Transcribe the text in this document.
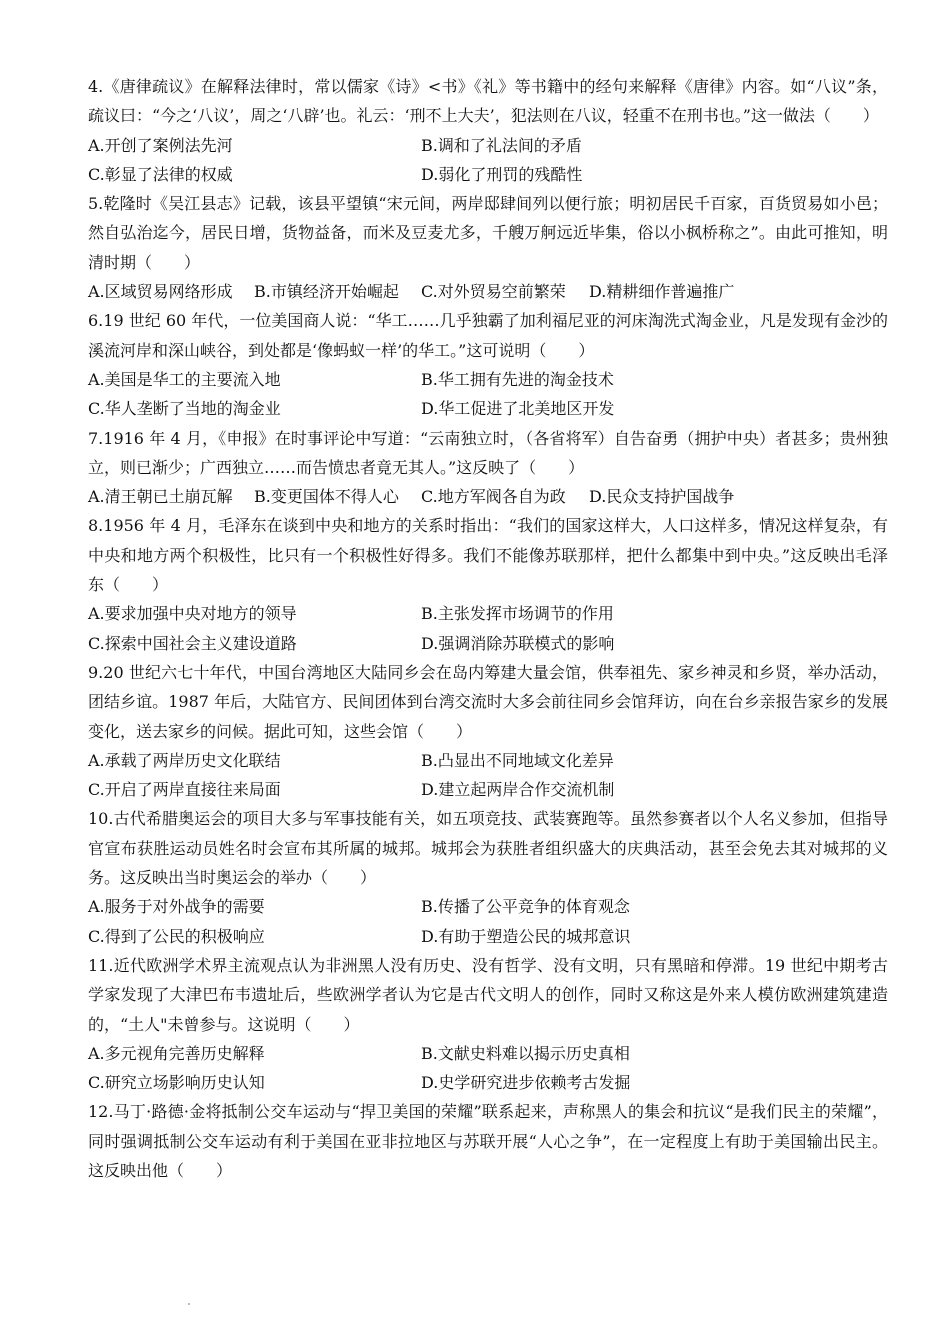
4.《唐律疏议》在解释法律时，常以儒家《诗》<书》《礼》等书籍中的经句来解释《唐律》内容。如“八议”条，疏议曰：“今之‘八议’，周之‘八辟’也。礼云：‘刑不上大夫’，犯法则在八议，轻重不在刑书也。”这一做法（　　）

A.开创了案例法先河	B.调和了礼法间的矛盾
C.彰显了法律的权威	D.弱化了刑罚的残酷性

5.乾隆时《吴江县志》记载，该县平望镇“宋元间，两岸邸肆间列以便行旅；明初居民千百家，百货贸易如小邑；然自弘治迄今，居民日增，货物益备，而米及豆麦尤多，千艘万舸远近毕集，俗以小枫桥称之”。由此可推知，明清时期（　　）

A.区域贸易网络形成	B.市镇经济开始崛起	C.对外贸易空前繁荣	D.精耕细作普遍推广

6.19 世纪 60 年代，一位美国商人说：“华工……几乎独霸了加利福尼亚的河床淘洗式淘金业，凡是发现有金沙的溪流河岸和深山峡谷，到处都是‘像蚂蚁一样’的华工。”这可说明（　　）

A.美国是华工的主要流入地	B.华工拥有先进的淘金技术
C.华人垄断了当地的淘金业	D.华工促进了北美地区开发

7.1916 年 4 月，《申报》在时事评论中写道：“云南独立时，（各省将军）自告奋勇（拥护中央）者甚多；贵州独立，则已渐少；广西独立……而告愤忠者竟无其人。”这反映了（　　）

A.清王朝已土崩瓦解	B.变更国体不得人心	C.地方军阀各自为政	D.民众支持护国战争

8.1956 年 4 月，毛泽东在谈到中央和地方的关系时指出：“我们的国家这样大，人口这样多，情况这样复杂，有中央和地方两个积极性，比只有一个积极性好得多。我们不能像苏联那样，把什么都集中到中央。”这反映出毛泽东（　　）

A.要求加强中央对地方的领导	B.主张发挥市场调节的作用
C.探索中国社会主义建设道路	D.强调消除苏联模式的影响

9.20 世纪六七十年代，中国台湾地区大陆同乡会在岛内筹建大量会馆，供奉祖先、家乡神灵和乡贤，举办活动，团结乡谊。1987 年后，大陆官方、民间团体到台湾交流时大多会前往同乡会馆拜访，向在台乡亲报告家乡的发展变化，送去家乡的问候。据此可知，这些会馆（　　）

A.承载了两岸历史文化联结	B.凸显出不同地域文化差异
C.开启了两岸直接往来局面	D.建立起两岸合作交流机制

10.古代希腊奥运会的项目大多与军事技能有关，如五项竞技、武装赛跑等。虽然参赛者以个人名义参加，但指导官宣布获胜运动员姓名时会宣布其所属的城邦。城邦会为获胜者组织盛大的庆典活动，甚至会免去其对城邦的义务。这反映出当时奥运会的举办（　　）

A.服务于对外战争的需要	B.传播了公平竞争的体育观念
C.得到了公民的积极响应	D.有助于塑造公民的城邦意识

11.近代欧洲学术界主流观点认为非洲黑人没有历史、没有哲学、没有文明，只有黑暗和停滞。19 世纪中期考古学家发现了大津巴布韦遗址后，些欧洲学者认为它是古代文明人的创作，同时又称这是外来人模仿欧洲建筑建造的，“土人"未曾参与。这说明（　　）

A.多元视角完善历史解释	B.文献史料难以揭示历史真相
C.研究立场影响历史认知	D.史学研究进步依赖考古发掘

12.马丁·路德·金将抵制公交车运动与“捍卫美国的荣耀”联系起来，声称黑人的集会和抗议“是我们民主的荣耀”，同时强调抵制公交车运动有利于美国在亚非拉地区与苏联开展“人心之争”，在一定程度上有助于美国输出民主。这反映出他（　　）
